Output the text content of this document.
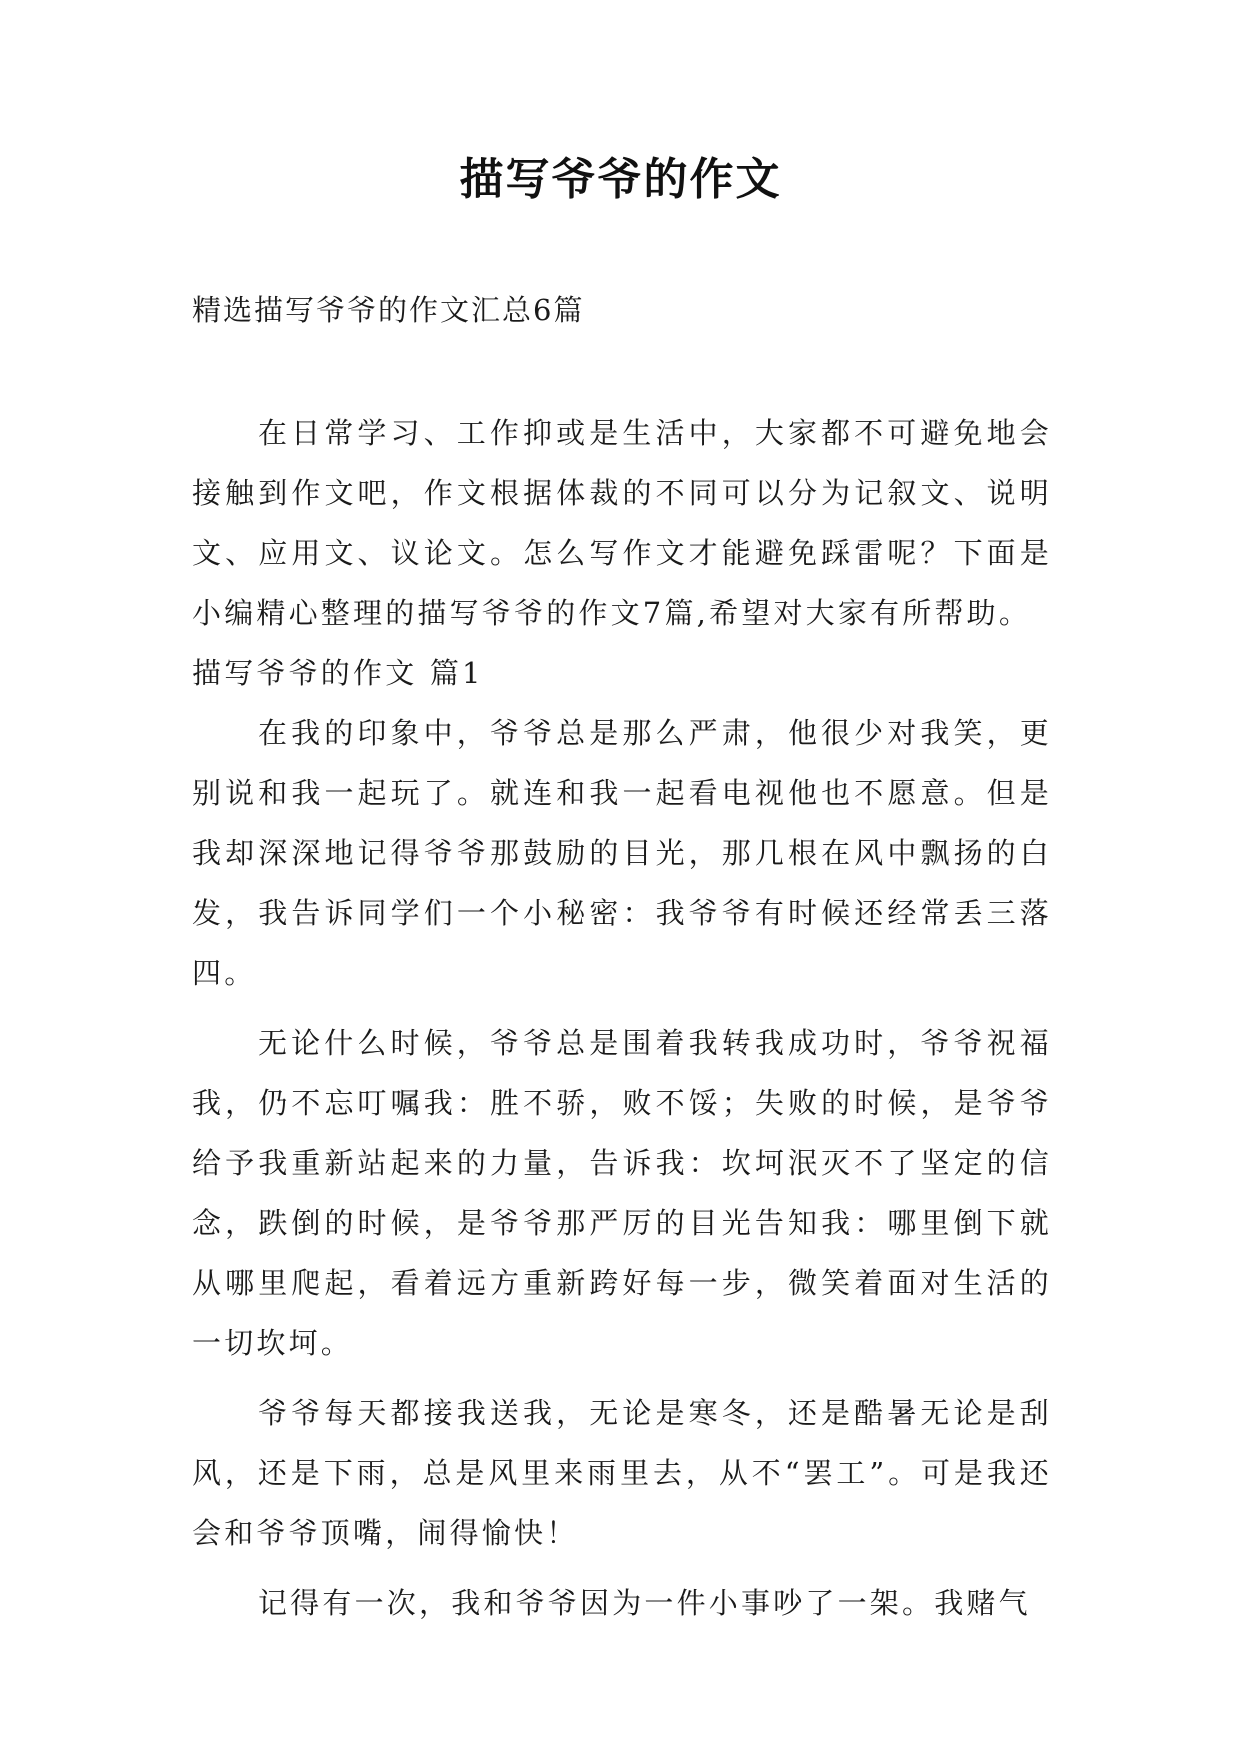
描写爷爷的作文
精选描写爷爷的作文汇总6篇

在日常学习、工作抑或是生活中，大家都不可避免地会接触到作文吧，作文根据体裁的不同可以分为记叙文、说明文、应用文、议论文。怎么写作文才能避免踩雷呢？下面是小编精心整理的描写爷爷的作文7篇,希望对大家有所帮助。

描写爷爷的作文 篇1

在我的印象中，爷爷总是那么严肃，他很少对我笑，更别说和我一起玩了。就连和我一起看电视他也不愿意。但是我却深深地记得爷爷那鼓励的目光，那几根在风中飘扬的白发，我告诉同学们一个小秘密：我爷爷有时候还经常丢三落四。

无论什么时候，爷爷总是围着我转我成功时，爷爷祝福我，仍不忘叮嘱我：胜不骄，败不馁；失败的时候，是爷爷给予我重新站起来的力量，告诉我：坎坷泯灭不了坚定的信念，跌倒的时候，是爷爷那严厉的目光告知我：哪里倒下就从哪里爬起，看着远方重新跨好每一步，微笑着面对生活的一切坎坷。

爷爷每天都接我送我，无论是寒冬，还是酷暑无论是刮风，还是下雨，总是风里来雨里去，从不“罢工”。可是我还会和爷爷顶嘴，闹得愉快！

记得有一次，我和爷爷因为一件小事吵了一架。我赌气
